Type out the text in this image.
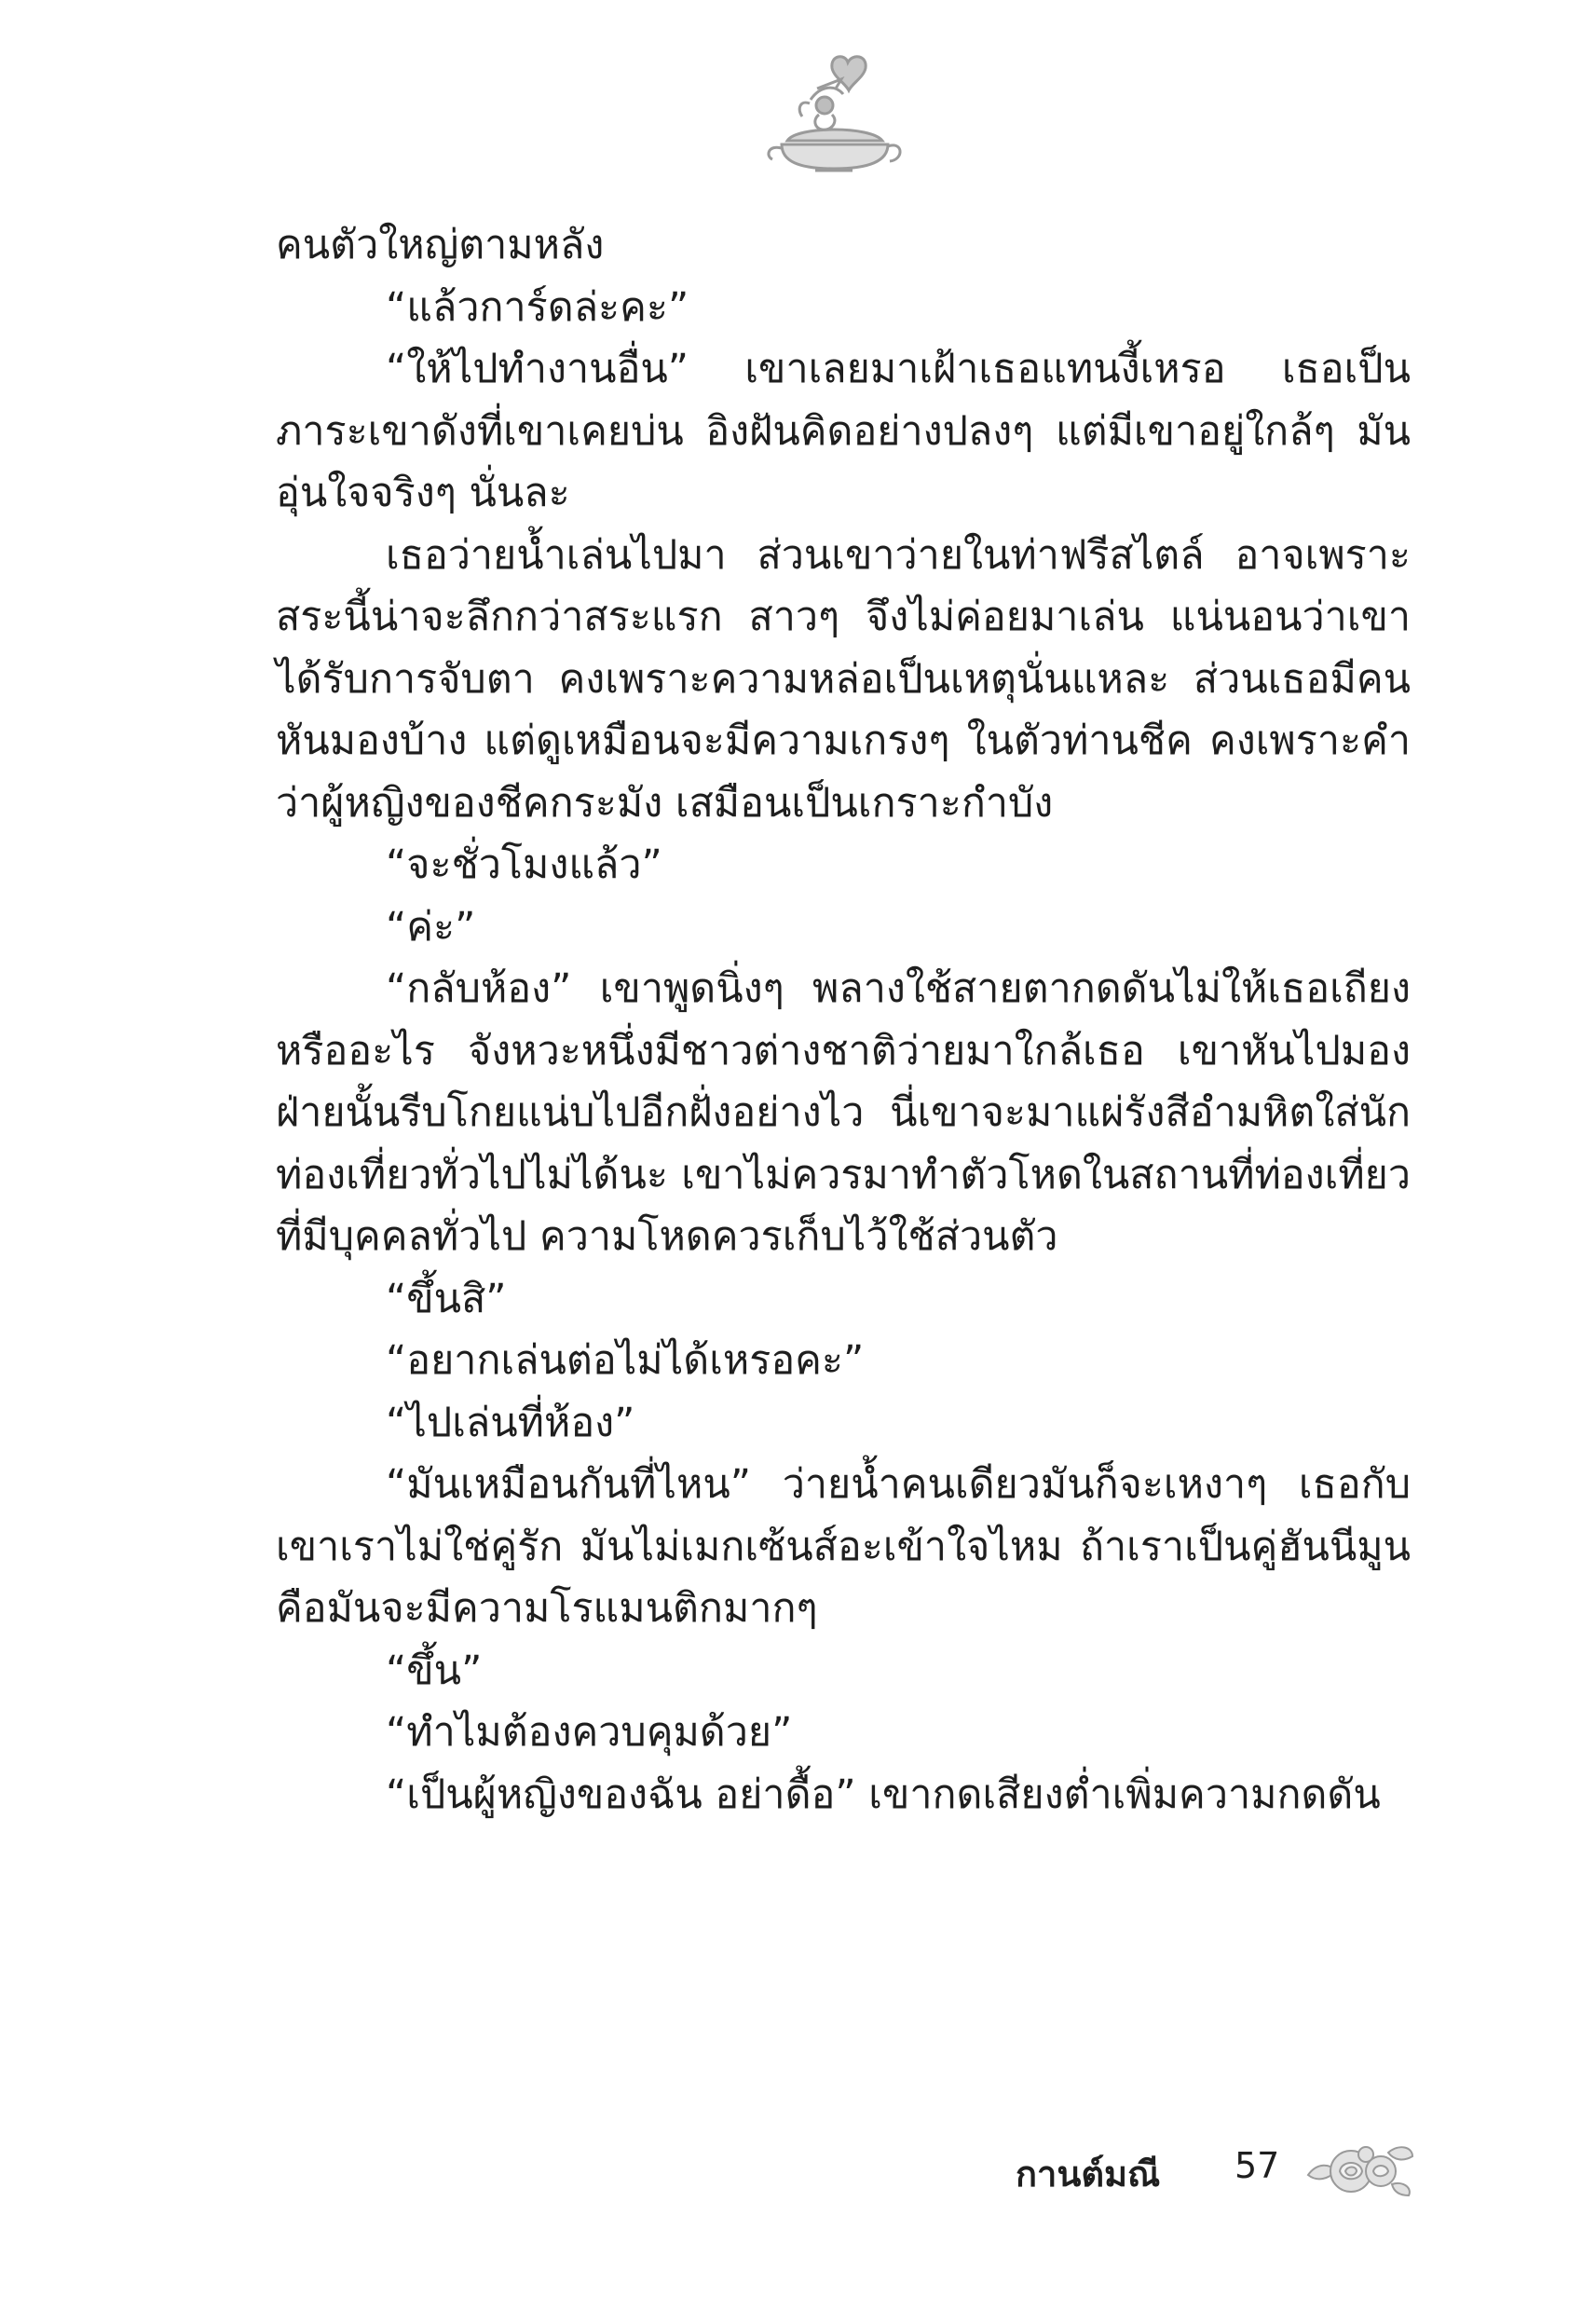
คนตัวใหญ่ตามหลัง

“แล้วการ์ดล่ะคะ”

“ให้ไปทำงานอื่น” เขาเลยมาเฝ้าเธอแทนงี้เหรอ เธอเป็นภาระเขาดังที่เขาเคยบ่น อิงฝันคิดอย่างปลงๆ แต่มีเขาอยู่ใกล้ๆ มันอุ่นใจจริงๆ นั่นละ

เธอว่ายน้ำเล่นไปมา ส่วนเขาว่ายในท่าฟรีสไตล์ อาจเพราะสระนี้น่าจะลึกกว่าสระแรก สาวๆ จึงไม่ค่อยมาเล่น แน่นอนว่าเขาได้รับการจับตา คงเพราะความหล่อเป็นเหตุนั่นแหละ ส่วนเธอมีคนหันมองบ้าง แต่ดูเหมือนจะมีความเกรงๆ ในตัวท่านชีค คงเพราะคำว่าผู้หญิงของชีคกระมัง เสมือนเป็นเกราะกำบัง

“จะชั่วโมงแล้ว”

“ค่ะ”

“กลับห้อง” เขาพูดนิ่งๆ พลางใช้สายตากดดันไม่ให้เธอเถียงหรืออะไร จังหวะหนึ่งมีชาวต่างชาติว่ายมาใกล้เธอ เขาหันไปมองฝ่ายนั้นรีบโกยแน่บไปอีกฝั่งอย่างไว นี่เขาจะมาแผ่รังสีอำมหิตใส่นักท่องเที่ยวทั่วไปไม่ได้นะ เขาไม่ควรมาทำตัวโหดในสถานที่ท่องเที่ยวที่มีบุคคลทั่วไป ความโหดควรเก็บไว้ใช้ส่วนตัว

“ขึ้นสิ”

“อยากเล่นต่อไม่ได้เหรอคะ”

“ไปเล่นที่ห้อง”

“มันเหมือนกันที่ไหน” ว่ายน้ำคนเดียวมันก็จะเหงาๆ เธอกับเขาเราไม่ใช่คู่รัก มันไม่เมกเซ้นส์อะเข้าใจไหม ถ้าเราเป็นคู่ฮันนีมูนคือมันจะมีความโรแมนติกมากๆ

“ขึ้น”

“ทำไมต้องควบคุมด้วย”

“เป็นผู้หญิงของฉัน อย่าดื้อ” เขากดเสียงต่ำเพิ่มความกดดัน

กานต์มณี 57
